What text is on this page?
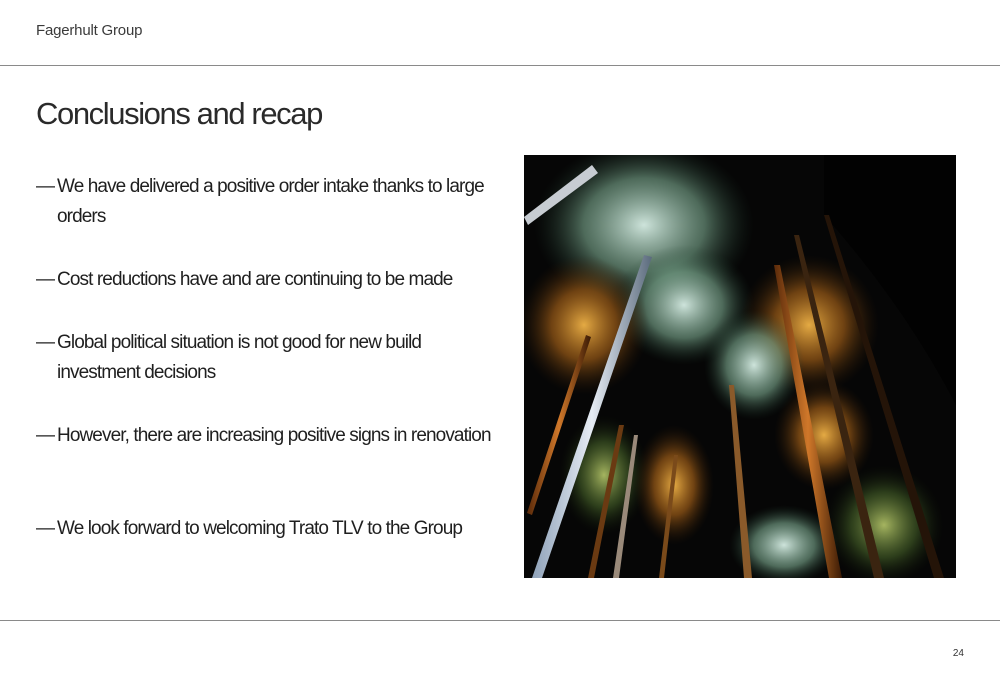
Fagerhult Group
Conclusions and recap
— We have delivered a positive order intake thanks to large orders
— Cost reductions have and are continuing to be made
— Global political situation is not good for new build investment decisions
— However, there are increasing positive signs in renovation
— We look forward to welcoming Trato TLV to the Group
24
